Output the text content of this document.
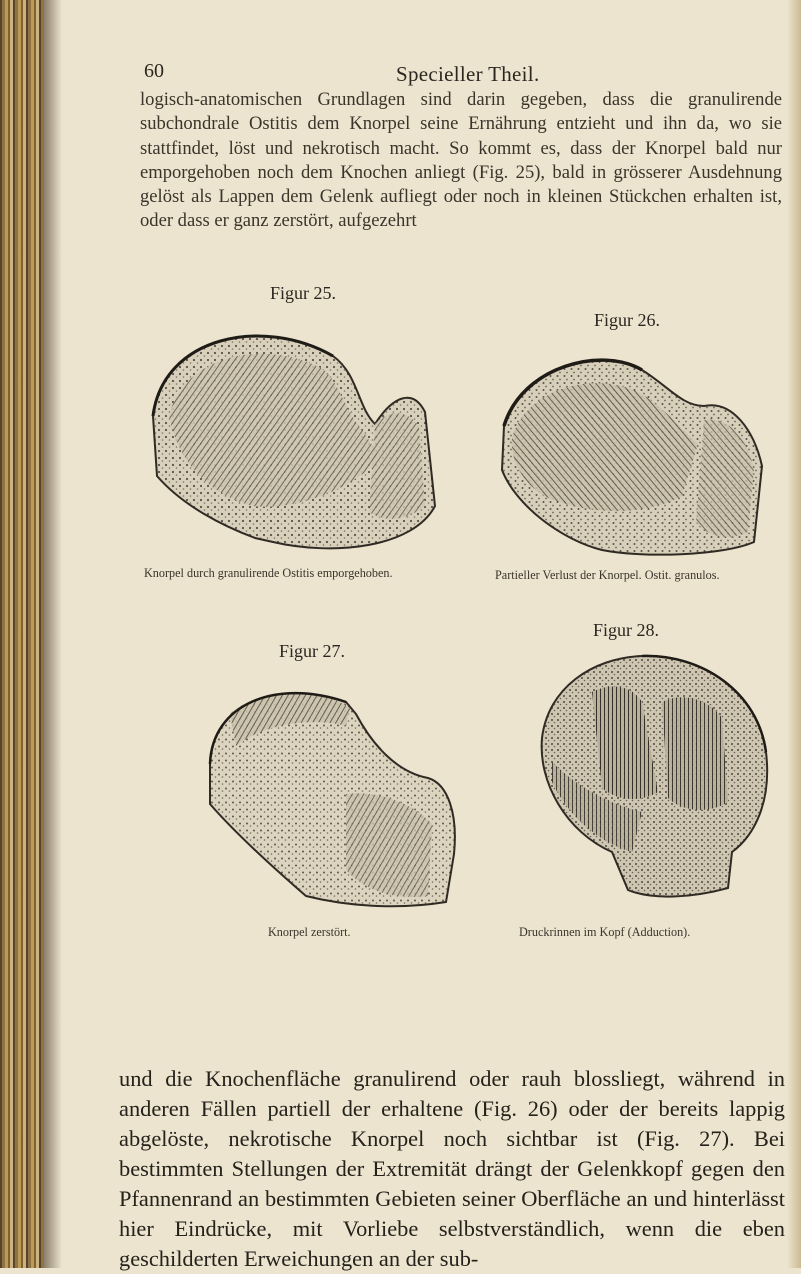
60	Specieller Theil.

logisch-anatomischen Grundlagen sind darin gegeben, dass die granulirende subchondrale Ostitis dem Knorpel seine Ernährung entzieht und ihn da, wo sie stattfindet, löst und nekrotisch macht. So kommt es, dass der Knorpel bald nur emporgehoben noch dem Knochen anliegt (Fig. 25), bald in grösserer Ausdehnung gelöst als Lappen dem Gelenk aufliegt oder noch in kleinen Stückchen erhalten ist, oder dass er ganz zerstört, aufgezehrt

Figur 25.
Knorpel durch granulirende Ostitis emporgehoben.
Figur 26.
Partieller Verlust der Knorpel. Ostit. granulos.
Figur 27.
Knorpel zerstört.
Figur 28.
Druckrinnen im Kopf (Adduction).

und die Knochenfläche granulirend oder rauh blossliegt, während in anderen Fällen partiell der erhaltene (Fig. 26) oder der bereits lappig abgelöste, nekrotische Knorpel noch sichtbar ist (Fig. 27). Bei bestimmten Stellungen der Extremität drängt der Gelenkkopf gegen den Pfannenrand an bestimmten Gebieten seiner Oberfläche an und hinterlässt hier Eindrücke, mit Vorliebe selbstverständlich, wenn die eben geschilderten Erweichungen an der sub-
